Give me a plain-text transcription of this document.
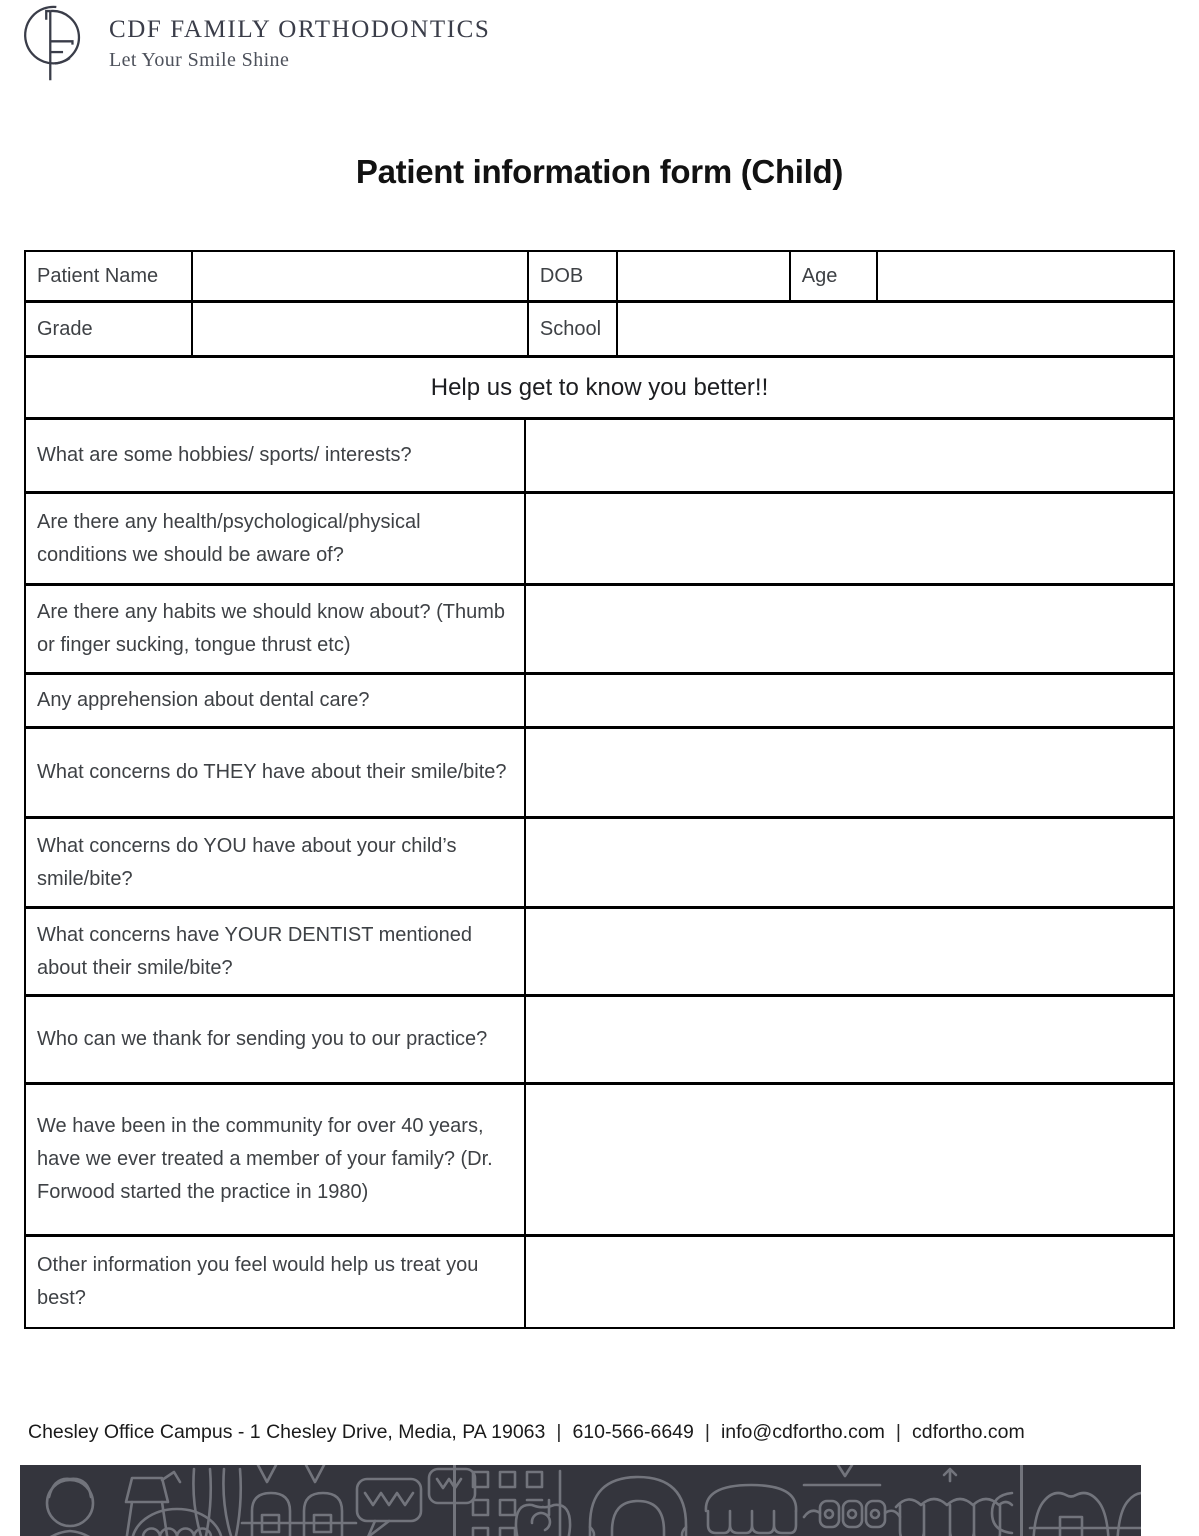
CDF FAMILY ORTHODONTICS
Let Your Smile Shine
Patient information form (Child)
Patient Name	DOB	Age
Grade	School
Help us get to know you better!!
What are some hobbies/ sports/ interests?
Are there any health/psychological/physical conditions we should be aware of?
Are there any habits we should know about? (Thumb or finger sucking, tongue thrust etc)
Any apprehension about dental care?
What concerns do THEY have about their smile/bite?
What concerns do YOU have about your child’s smile/bite?
What concerns have YOUR DENTIST mentioned about their smile/bite?
Who can we thank for sending you to our practice?
We have been in the community for over 40 years, have we ever treated a member of your family? (Dr. Forwood started the practice in 1980)
Other information you feel would help us treat you best?
Chesley Office Campus - 1 Chesley Drive, Media, PA 19063 | 610-566-6649 | info@cdfortho.com | cdfortho.com
